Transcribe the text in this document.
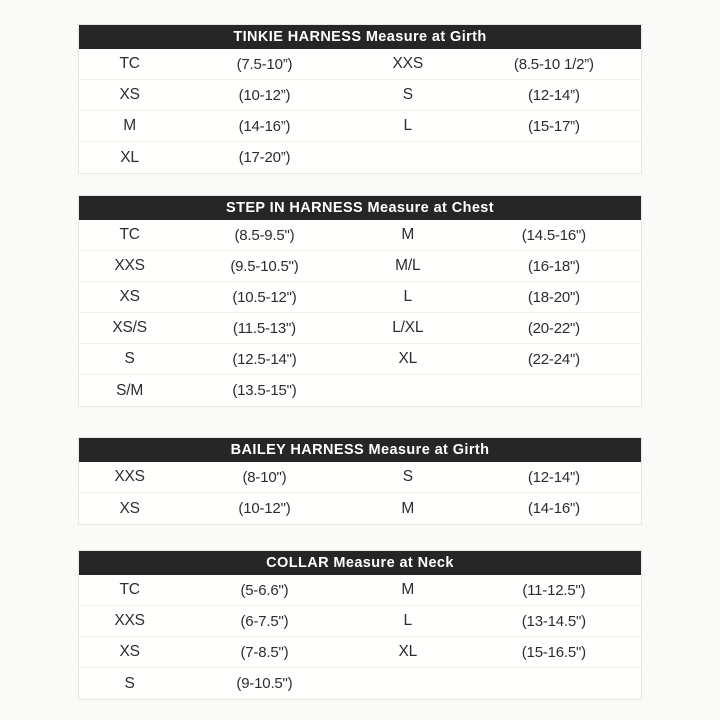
TINKIE HARNESS Measure at Girth
TC	(7.5-10”)	XXS	(8.5-10 1/2”)
XS	(10-12”)	S	(12-14”)
M	(14-16”)	L	(15-17”)
XL	(17-20”)
STEP IN HARNESS Measure at Chest
TC	(8.5-9.5")	M	(14.5-16")
XXS	(9.5-10.5")	M/L	(16-18")
XS	(10.5-12")	L	(18-20")
XS/S	(11.5-13")	L/XL	(20-22")
S	(12.5-14")	XL	(22-24")
S/M	(13.5-15")
BAILEY HARNESS Measure at Girth
XXS	(8-10")	S	(12-14")
XS	(10-12")	M	(14-16")
COLLAR Measure at Neck
TC	(5-6.6")	M	(11-12.5")
XXS	(6-7.5")	L	(13-14.5")
XS	(7-8.5")	XL	(15-16.5")
S	(9-10.5")
